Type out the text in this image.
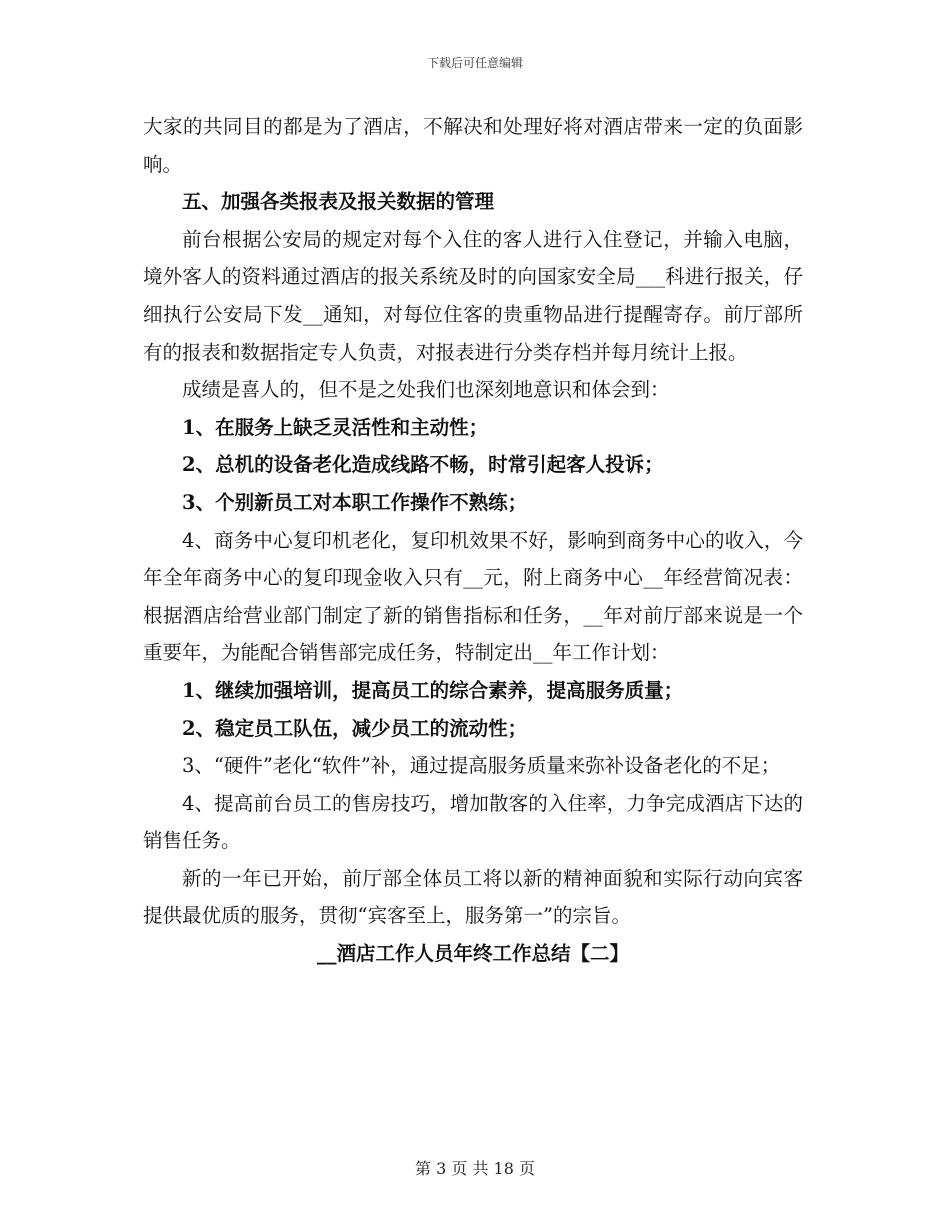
下载后可任意编辑

大家的共同目的都是为了酒店，不解决和处理好将对酒店带来一定的负面影响。

五、加强各类报表及报关数据的管理

前台根据公安局的规定对每个入住的客人进行入住登记，并输入电脑，境外客人的资料通过酒店的报关系统及时的向国家安全局___科进行报关，仔细执行公安局下发__通知，对每位住客的贵重物品进行提醒寄存。前厅部所有的报表和数据指定专人负责，对报表进行分类存档并每月统计上报。

成绩是喜人的，但不是之处我们也深刻地意识和体会到：

1、在服务上缺乏灵活性和主动性；

2、总机的设备老化造成线路不畅，时常引起客人投诉；

3、个别新员工对本职工作操作不熟练；

4、商务中心复印机老化，复印机效果不好，影响到商务中心的收入，今年全年商务中心的复印现金收入只有__元，附上商务中心__年经营简况表：根据酒店给营业部门制定了新的销售指标和任务，__年对前厅部来说是一个重要年，为能配合销售部完成任务，特制定出__年工作计划：

1、继续加强培训，提高员工的综合素养，提高服务质量；

2、稳定员工队伍，减少员工的流动性；

3、“硬件”老化“软件”补，通过提高服务质量来弥补设备老化的不足；

4、提高前台员工的售房技巧，增加散客的入住率，力争完成酒店下达的销售任务。

新的一年已开始，前厅部全体员工将以新的精神面貌和实际行动向宾客提供最优质的服务，贯彻“宾客至上，服务第一”的宗旨。

__酒店工作人员年终工作总结【二】

第 3 页 共 18 页
